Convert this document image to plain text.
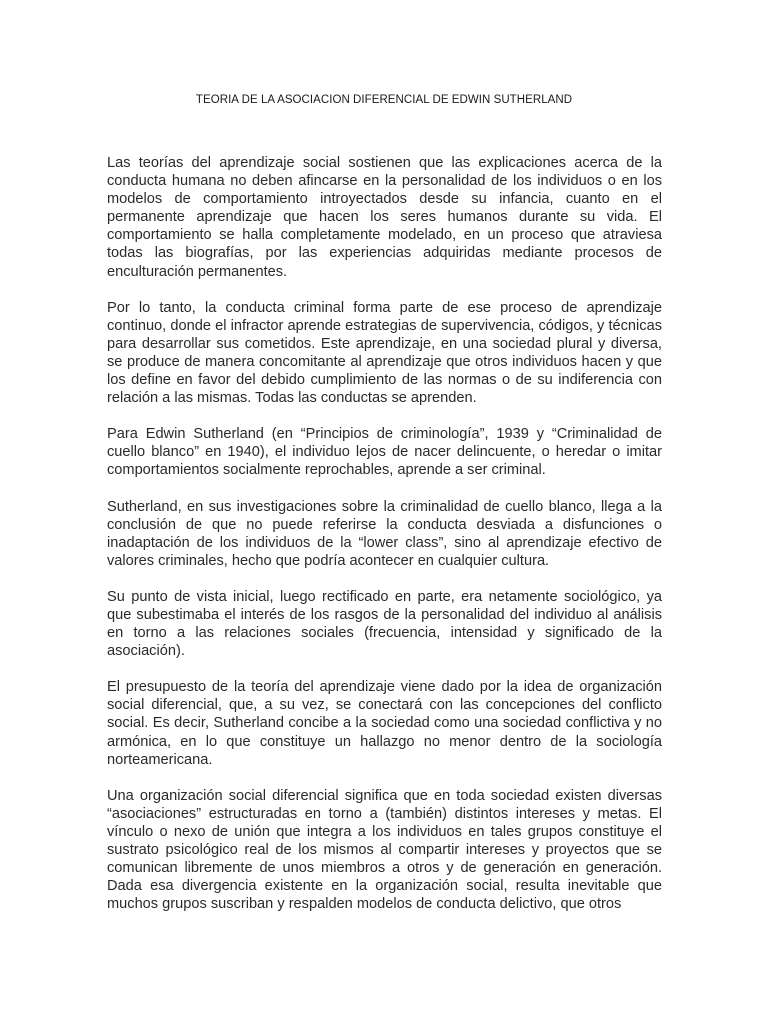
TEORIA DE LA ASOCIACION DIFERENCIAL DE EDWIN SUTHERLAND

Las teorías del aprendizaje social sostienen que las explicaciones acerca de la conducta humana no deben afincarse en la personalidad de los individuos o en los modelos de comportamiento introyectados desde su infancia, cuanto en el permanente aprendizaje que hacen los seres humanos durante su vida. El comportamiento se halla completamente modelado, en un proceso que atraviesa todas las biografías, por las experiencias adquiridas mediante procesos de enculturación permanentes.

Por lo tanto, la conducta criminal forma parte de ese proceso de aprendizaje continuo, donde el infractor aprende estrategias de supervivencia, códigos, y técnicas para desarrollar sus cometidos. Este aprendizaje, en una sociedad plural y diversa, se produce de manera concomitante al aprendizaje que otros individuos hacen y que los define en favor del debido cumplimiento de las normas o de su indiferencia con relación a las mismas. Todas las conductas se aprenden.

Para Edwin Sutherland (en “Principios de criminología”, 1939 y “Criminalidad de cuello blanco” en 1940), el individuo lejos de nacer delincuente, o heredar o imitar comportamientos socialmente reprochables, aprende a ser criminal.

Sutherland, en sus investigaciones sobre la criminalidad de cuello blanco, llega a la conclusión de que no puede referirse la conducta desviada a disfunciones o inadaptación de los individuos de la “lower class”, sino al aprendizaje efectivo de valores criminales, hecho que podría acontecer en cualquier cultura.

Su punto de vista inicial, luego rectificado en parte, era netamente sociológico, ya que subestimaba el interés de los rasgos de la personalidad del individuo al análisis en torno a las relaciones sociales (frecuencia, intensidad y significado de la asociación).

El presupuesto de la teoría del aprendizaje viene dado por la idea de organización social diferencial, que, a su vez, se conectará con las concepciones del conflicto social. Es decir, Sutherland concibe a la sociedad como una sociedad conflictiva y no armónica, en lo que constituye un hallazgo no menor dentro de la sociología norteamericana.

Una organización social diferencial significa que en toda sociedad existen diversas “asociaciones” estructuradas en torno a (también) distintos intereses y metas. El vínculo o nexo de unión que integra a los individuos en tales grupos constituye el sustrato psicológico real de los mismos al compartir intereses y proyectos que se comunican libremente de unos miembros a otros y de generación en generación. Dada esa divergencia existente en la organización social, resulta inevitable que muchos grupos suscriban y respalden modelos de conducta delictivo, que otros
